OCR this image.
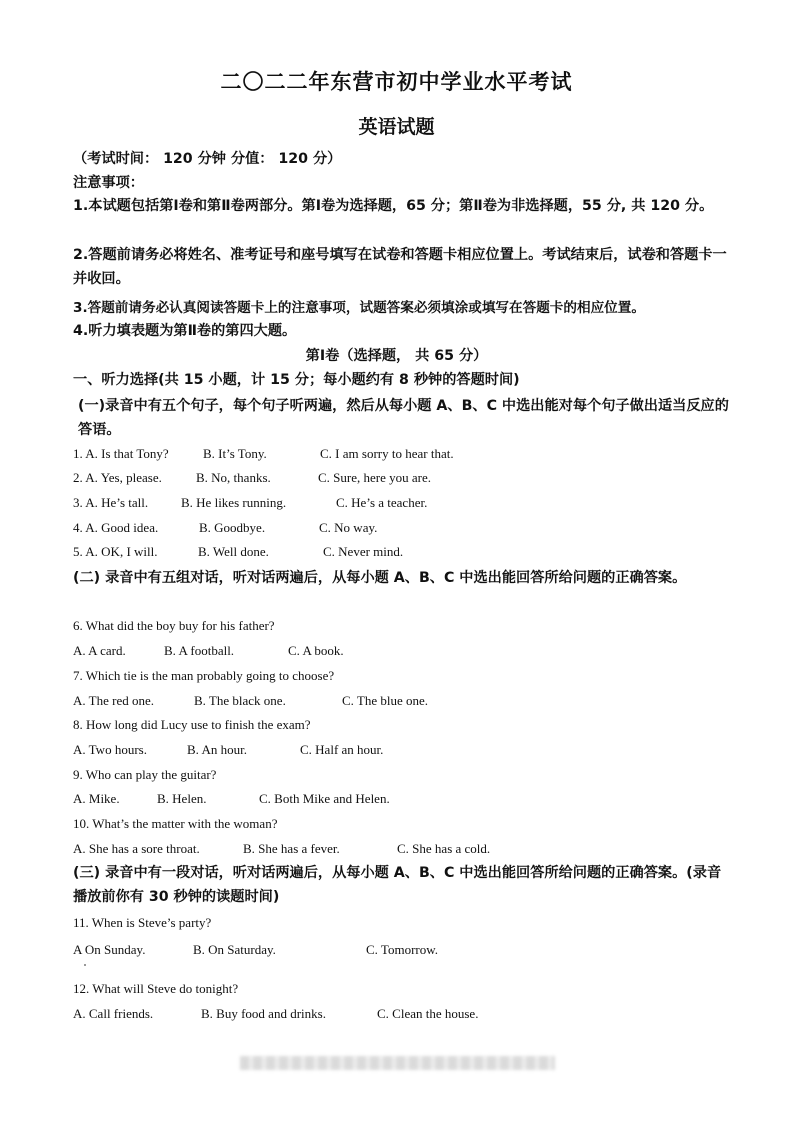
二〇二二年东营市初中学业水平考试
英语试题
（考试时间： 120 分钟 分值： 120 分）
注意事项：
1.本试题包括第Ⅰ卷和第Ⅱ卷两部分。第Ⅰ卷为选择题，65 分；第Ⅱ卷为非选择题，55 分, 共 120 分。
2.答题前请务必将姓名、准考证号和座号填写在试卷和答题卡相应位置上。考试结束后，试卷和答题卡一并收回。
3.答题前请务必认真阅读答题卡上的注意事项，试题答案必须填涂或填写在答题卡的相应位置。
4.听力填表题为第Ⅱ卷的第四大题。
第Ⅰ卷（选择题， 共 65 分）
一、听力选择(共 15 小题，计 15 分；每小题约有 8 秒钟的答题时间)
(一)录音中有五个句子，每个句子听两遍，然后从每小题 A、B、C 中选出能对每个句子做出适当反应的答语。
1. A. Is that Tony?	B. It’s Tony.	C. I am sorry to hear that.
2. A. Yes, please.	B. No, thanks.	C. Sure, here you are.
3. A. He’s tall.	B. He likes running.	C. He’s a teacher.
4. A. Good idea.	B. Goodbye.	C. No way.
5. A. OK, I will.	B. Well done.	C. Never mind.
(二) 录音中有五组对话，听对话两遍后，从每小题 A、B、C 中选出能回答所给问题的正确答案。
6. What did the boy buy for his father?
A. A card.	B. A football.	C. A book.
7. Which tie is the man probably going to choose?
A. The red one.	B. The black one.	C. The blue one.
8. How long did Lucy use to finish the exam?
A. Two hours.	B. An hour.	C. Half an hour.
9. Who can play the guitar?
A. Mike.	B. Helen.	C. Both Mike and Helen.
10. What’s the matter with the woman?
A. She has a sore throat.	B. She has a fever.	C. She has a cold.
(三) 录音中有一段对话，听对话两遍后，从每小题 A、B、C 中选出能回答所给问题的正确答案。(录音播放前你有 30 秒钟的读题时间)
11. When is Steve’s party?
A On Sunday.	B. On Saturday.	C. Tomorrow.
12. What will Steve do tonight?
A. Call friends.	B. Buy food and drinks.	C. Clean the house.
